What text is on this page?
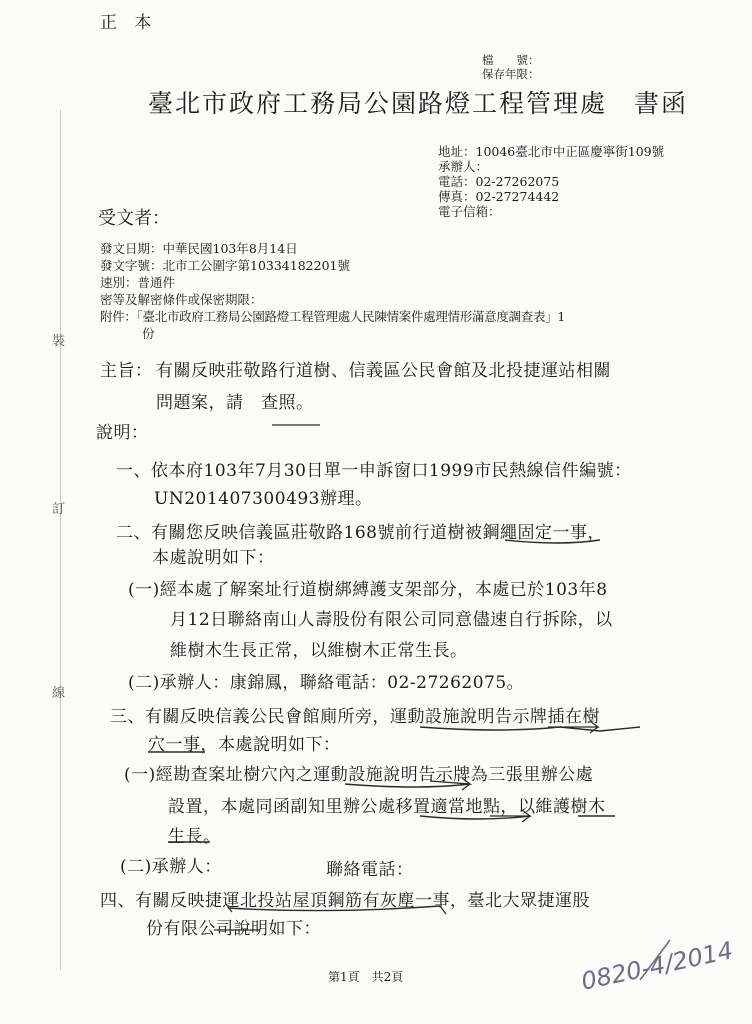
裝
訂
線
正 本
檔　　號：
保存年限：
臺北市政府工務局公園路燈工程管理處　書函
地址：10046臺北市中正區慶寧街109號
承辦人：
電話：02-27262075
傳真：02-27274442
電子信箱：
受文者：
發文日期：中華民國103年8月14日
發文字號：北市工公圍字第10334182201號
速別：普通件
密等及解密條件或保密期限：
附件：「臺北市政府工務局公園路燈工程管理處人民陳情案件處理情形滿意度調查表」1
份
主旨： 有關反映莊敬路行道樹、信義區公民會館及北投捷運站相關
問題案，請　查照。
說明：
一、依本府103年7月30日單一申訴窗口1999市民熱線信件編號：
UN201407300493辦理。
二、有關您反映信義區莊敬路168號前行道樹被鋼繩固定一事，
本處說明如下：
(一)經本處了解案址行道樹綁縛護支架部分，本處已於103年8
月12日聯絡南山人壽股份有限公司同意儘速自行拆除，以
維樹木生長正常，以維樹木正常生長。
(二)承辦人：康錦鳳，聯絡電話：02-27262075。
三、有關反映信義公民會館廁所旁，運動設施說明告示牌插在樹
穴一事，本處說明如下：
(一)經勘查案址樹穴內之運動設施說明告示牌為三張里辦公處
設置，本處同函副知里辦公處移置適當地點，以維護樹木
生長。
(二)承辦人：	聯絡電話：
四、有關反映捷運北投站屋頂鋼筋有灰塵一事，臺北大眾捷運股
份有限公司說明如下：
第1頁　共2頁	0820-4/2014
